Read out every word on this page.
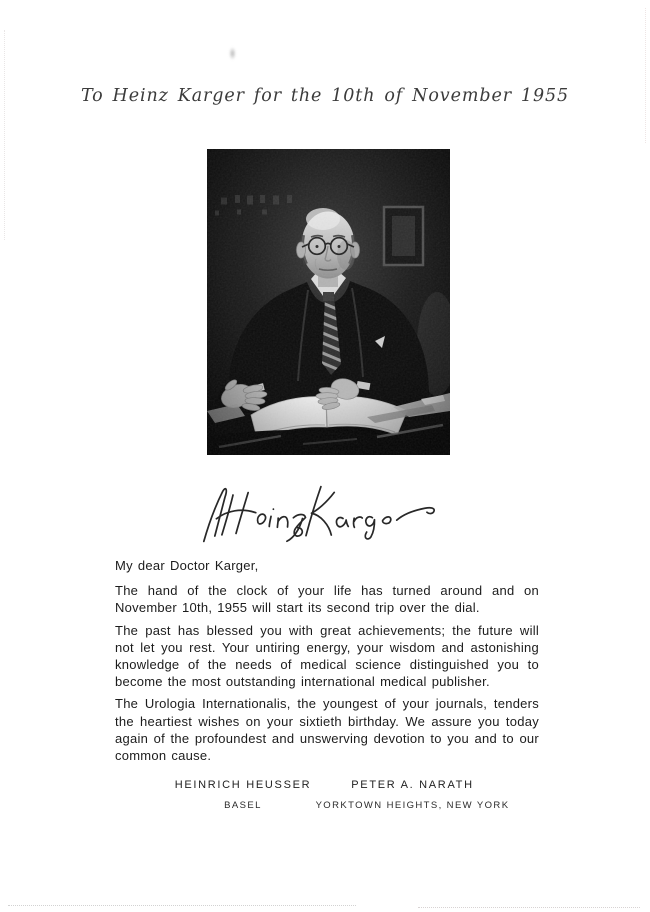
To Heinz Karger for the 10th of November 1955

My dear Doctor Karger,

The hand of the clock of your life has turned around and on November 10th, 1955 will start its second trip over the dial.

The past has blessed you with great achievements; the future will not let you rest. Your untiring energy, your wisdom and astonishing knowledge of the needs of medical science distinguished you to become the most outstanding international medical publisher.

The Urologia Internationalis, the youngest of your journals, tenders the heartiest wishes on your sixtieth birthday. We assure you today again of the profoundest and unswerving devotion to you and to our common cause.

HEINRICH HEUSSER
BASEL
PETER A. NARATH
YORKTOWN HEIGHTS, NEW YORK
